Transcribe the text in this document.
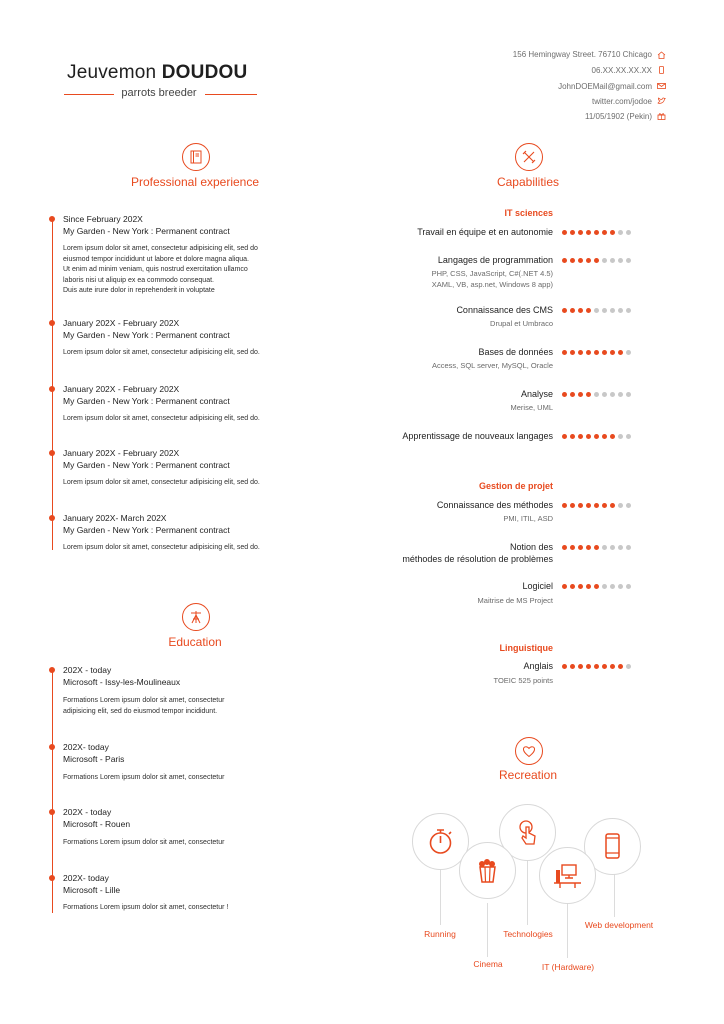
Jeuvemon DOUDOU
parrots breeder
156 Hemingway Street. 76710 Chicago
06.XX.XX.XX.XX
JohnDOEMail@gmail.com
twitter.com/jodoe
11/05/1902 (Pekin)
Professional experience
Since February 202X
My Garden - New York : Permanent contract
Lorem ipsum dolor sit amet, consectetur adipisicing elit, sed do
eiusmod tempor incididunt ut labore et dolore magna aliqua.
Ut enim ad minim veniam, quis nostrud exercitation ullamco
laboris nisi ut aliquip ex ea commodo consequat.
Duis aute irure dolor in reprehenderit in voluptate
January 202X - February 202X
My Garden - New York : Permanent contract
Lorem ipsum dolor sit amet, consectetur adipisicing elit, sed do.
January 202X - February 202X
My Garden - New York : Permanent contract
Lorem ipsum dolor sit amet, consectetur adipisicing elit, sed do.
January 202X - February 202X
My Garden - New York : Permanent contract
Lorem ipsum dolor sit amet, consectetur adipisicing elit, sed do.
January 202X- March 202X
My Garden - New York : Permanent contract
Lorem ipsum dolor sit amet, consectetur adipisicing elit, sed do.
Education
202X - today
Microsoft - Issy-les-Moulineaux
Formations Lorem ipsum dolor sit amet, consectetur
adipisicing elit, sed do eiusmod tempor incididunt.
202X- today
Microsoft - Paris
Formations Lorem ipsum dolor sit amet, consectetur
202X - today
Microsoft - Rouen
Formations Lorem ipsum dolor sit amet, consectetur
202X- today
Microsoft - Lille
Formations Lorem ipsum dolor sit amet, consectetur !
Capabilities
IT sciences
Travail en équipe et en autonomie
Langages de programmation
PHP, CSS, JavaScript, C#(.NET 4.5)
XAML, VB, asp.net, Windows 8 app)
Connaissance des CMS
Drupal et Umbraco
Bases de données
Access, SQL server, MySQL, Oracle
Analyse
Merise, UML
Apprentissage de nouveaux langages
Gestion de projet
Connaissance des méthodes
PMI, ITIL, ASD
Notion des
méthodes de résolution de problèmes
Logiciel
Maitrise de MS Project
Linguistique
Anglais
TOEIC 525 points
Recreation
Running
Cinema
Technologies
IT (Hardware)
Web development
